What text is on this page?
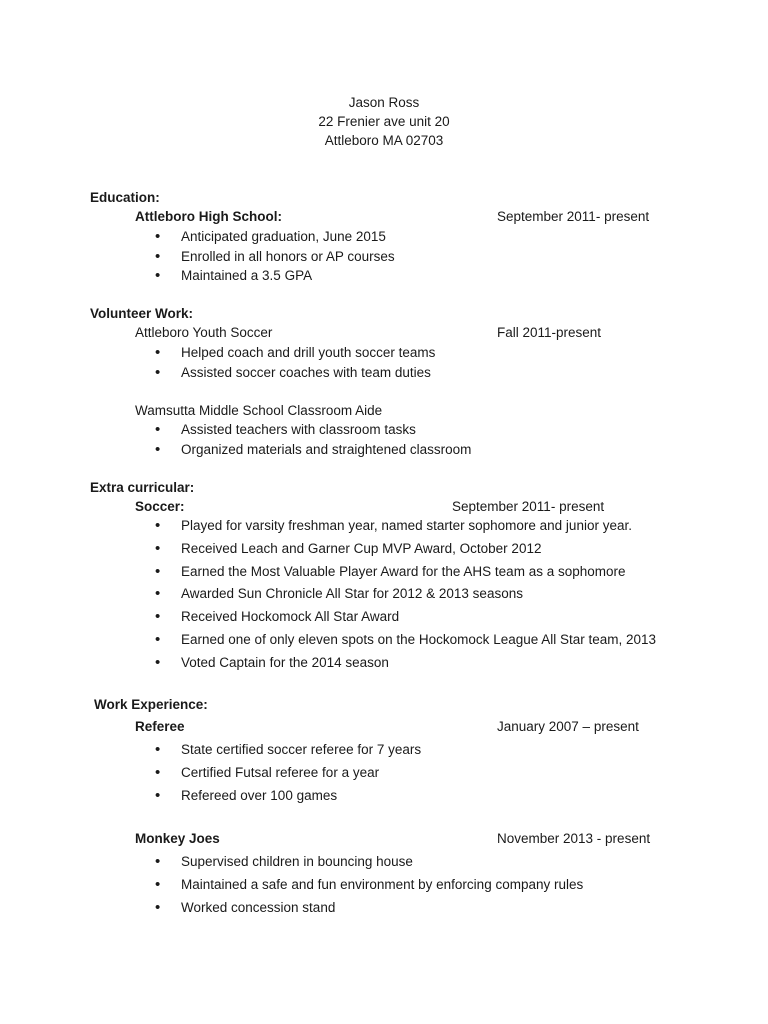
Jason Ross
22 Frenier ave unit 20
Attleboro MA 02703
Education:
Attleboro High School:	September 2011- present
• Anticipated graduation, June 2015
• Enrolled in all honors or AP courses
• Maintained a 3.5 GPA
Volunteer Work:
Attleboro Youth Soccer	Fall 2011-present
• Helped coach and drill youth soccer teams
• Assisted soccer coaches with team duties
Wamsutta Middle School Classroom Aide
• Assisted teachers with classroom tasks
• Organized materials and straightened classroom
Extra curricular:
Soccer:	September 2011- present
• Played for varsity freshman year, named starter sophomore and junior year.
• Received Leach and Garner Cup MVP Award, October 2012
• Earned the Most Valuable Player Award for the AHS team as a sophomore
• Awarded Sun Chronicle All Star for 2012 & 2013 seasons
• Received Hockomock All Star Award
• Earned one of only eleven spots on the Hockomock League All Star team, 2013
• Voted Captain for the 2014 season
Work Experience:
Referee	January 2007 – present
• State certified soccer referee for 7 years
• Certified Futsal referee for a year
• Refereed over 100 games
Monkey Joes	November 2013 - present
• Supervised children in bouncing house
• Maintained a safe and fun environment by enforcing company rules
• Worked concession stand
